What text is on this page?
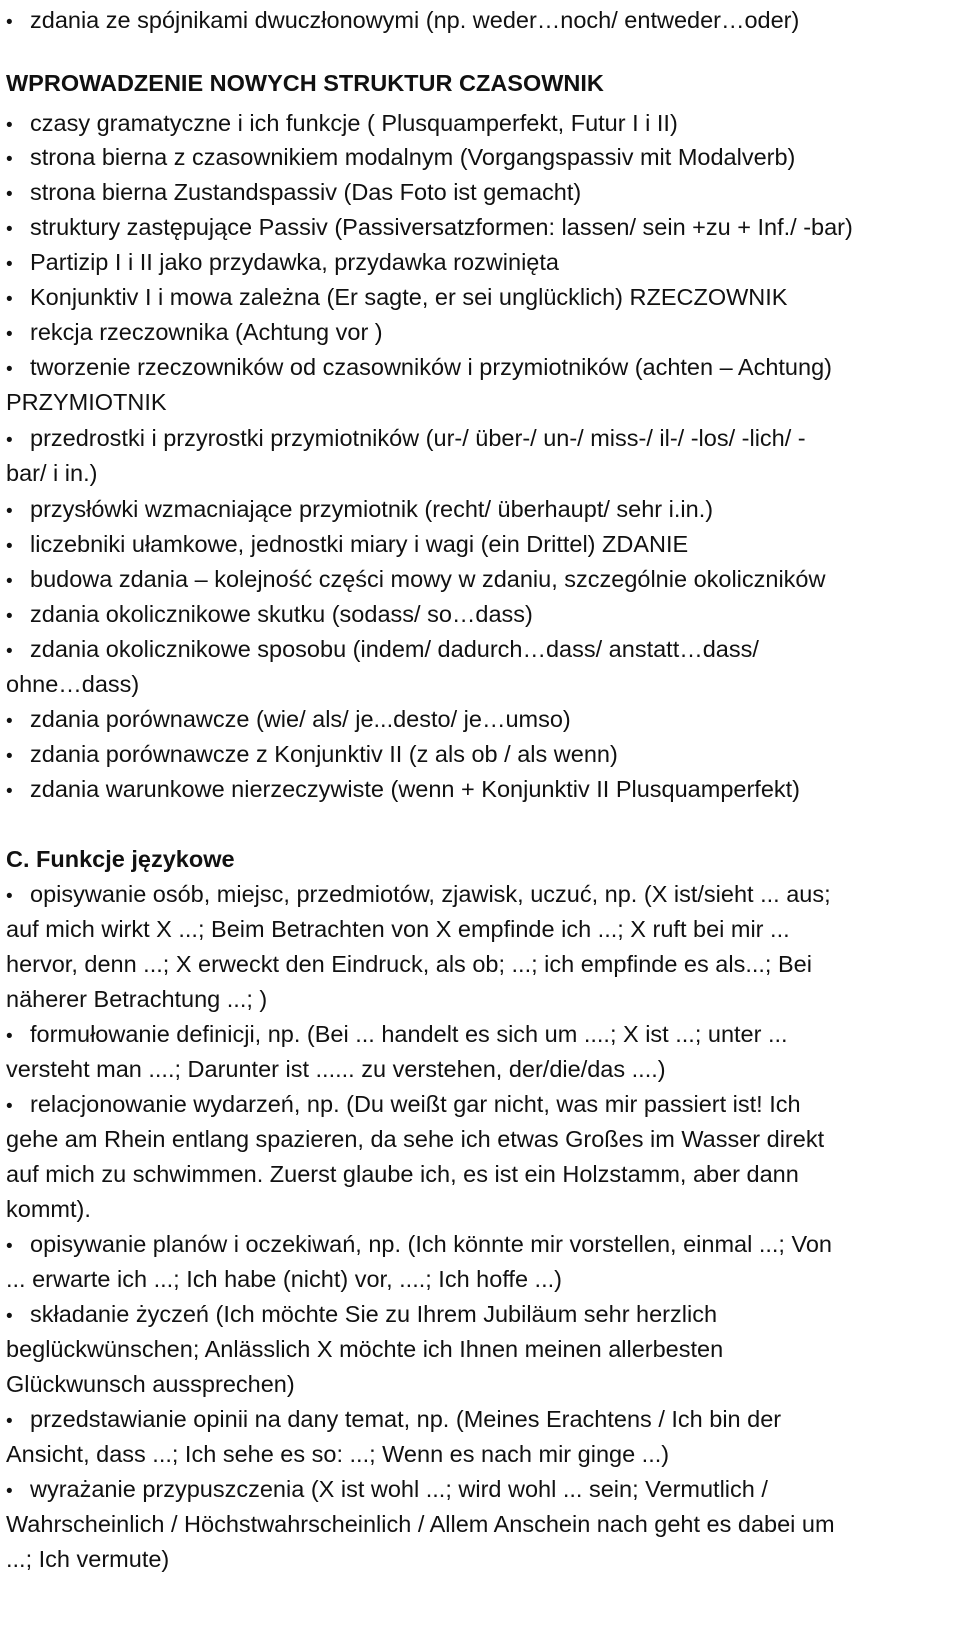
• zdania ze spójnikami dwuczłonowymi (np. weder…noch/ entweder…oder)
WPROWADZENIE NOWYCH STRUKTUR CZASOWNIK
• czasy gramatyczne i ich funkcje ( Plusquamperfekt, Futur I i II)
• strona bierna z czasownikiem modalnym (Vorgangspassiv mit Modalverb)
• strona bierna Zustandspassiv (Das Foto ist gemacht)
• struktury zastępujące Passiv (Passiversatzformen: lassen/ sein +zu + Inf./ -bar)
• Partizip I i II jako przydawka, przydawka rozwinięta
• Konjunktiv I i mowa zależna (Er sagte, er sei unglücklich) RZECZOWNIK
• rekcja rzeczownika (Achtung vor )
• tworzenie rzeczowników od czasowników i przymiotników (achten – Achtung)
PRZYMIOTNIK
• przedrostki i przyrostki przymiotników (ur-/ über-/ un-/ miss-/ il-/ -los/ -lich/ -
bar/ i in.)
• przysłówki wzmacniające przymiotnik (recht/ überhaupt/ sehr i.in.)
• liczebniki ułamkowe, jednostki miary i wagi (ein Drittel) ZDANIE
• budowa zdania – kolejność części mowy w zdaniu, szczególnie okoliczników
• zdania okolicznikowe skutku (sodass/ so…dass)
• zdania okolicznikowe sposobu (indem/ dadurch…dass/ anstatt…dass/
ohne…dass)
• zdania porównawcze (wie/ als/ je...desto/ je…umso)
• zdania porównawcze z Konjunktiv II (z als ob / als wenn)
• zdania warunkowe nierzeczywiste (wenn + Konjunktiv II Plusquamperfekt)
C. Funkcje językowe
• opisywanie osób, miejsc, przedmiotów, zjawisk, uczuć, np. (X ist/sieht ... aus;
auf mich wirkt X ...; Beim Betrachten von X empfinde ich ...; X ruft bei mir ...
hervor, denn ...; X erweckt den Eindruck, als ob; ...; ich empfinde es als...; Bei
näherer Betrachtung ...; )
• formułowanie definicji, np. (Bei ... handelt es sich um ....; X ist ...; unter ...
versteht man ....; Darunter ist ...... zu verstehen, der/die/das ....)
• relacjonowanie wydarzeń, np. (Du weißt gar nicht, was mir passiert ist! Ich
gehe am Rhein entlang spazieren, da sehe ich etwas Großes im Wasser direkt
auf mich zu schwimmen. Zuerst glaube ich, es ist ein Holzstamm, aber dann
kommt).
• opisywanie planów i oczekiwań, np. (Ich könnte mir vorstellen, einmal ...; Von
... erwarte ich ...; Ich habe (nicht) vor, ....; Ich hoffe ...)
• składanie życzeń (Ich möchte Sie zu Ihrem Jubiläum sehr herzlich
beglückwünschen; Anlässlich X möchte ich Ihnen meinen allerbesten
Glückwunsch aussprechen)
• przedstawianie opinii na dany temat, np. (Meines Erachtens / Ich bin der
Ansicht, dass ...; Ich sehe es so: ...; Wenn es nach mir ginge ...)
• wyrażanie przypuszczenia (X ist wohl ...; wird wohl ... sein; Vermutlich /
Wahrscheinlich / Höchstwahrscheinlich / Allem Anschein nach geht es dabei um
...; Ich vermute)
